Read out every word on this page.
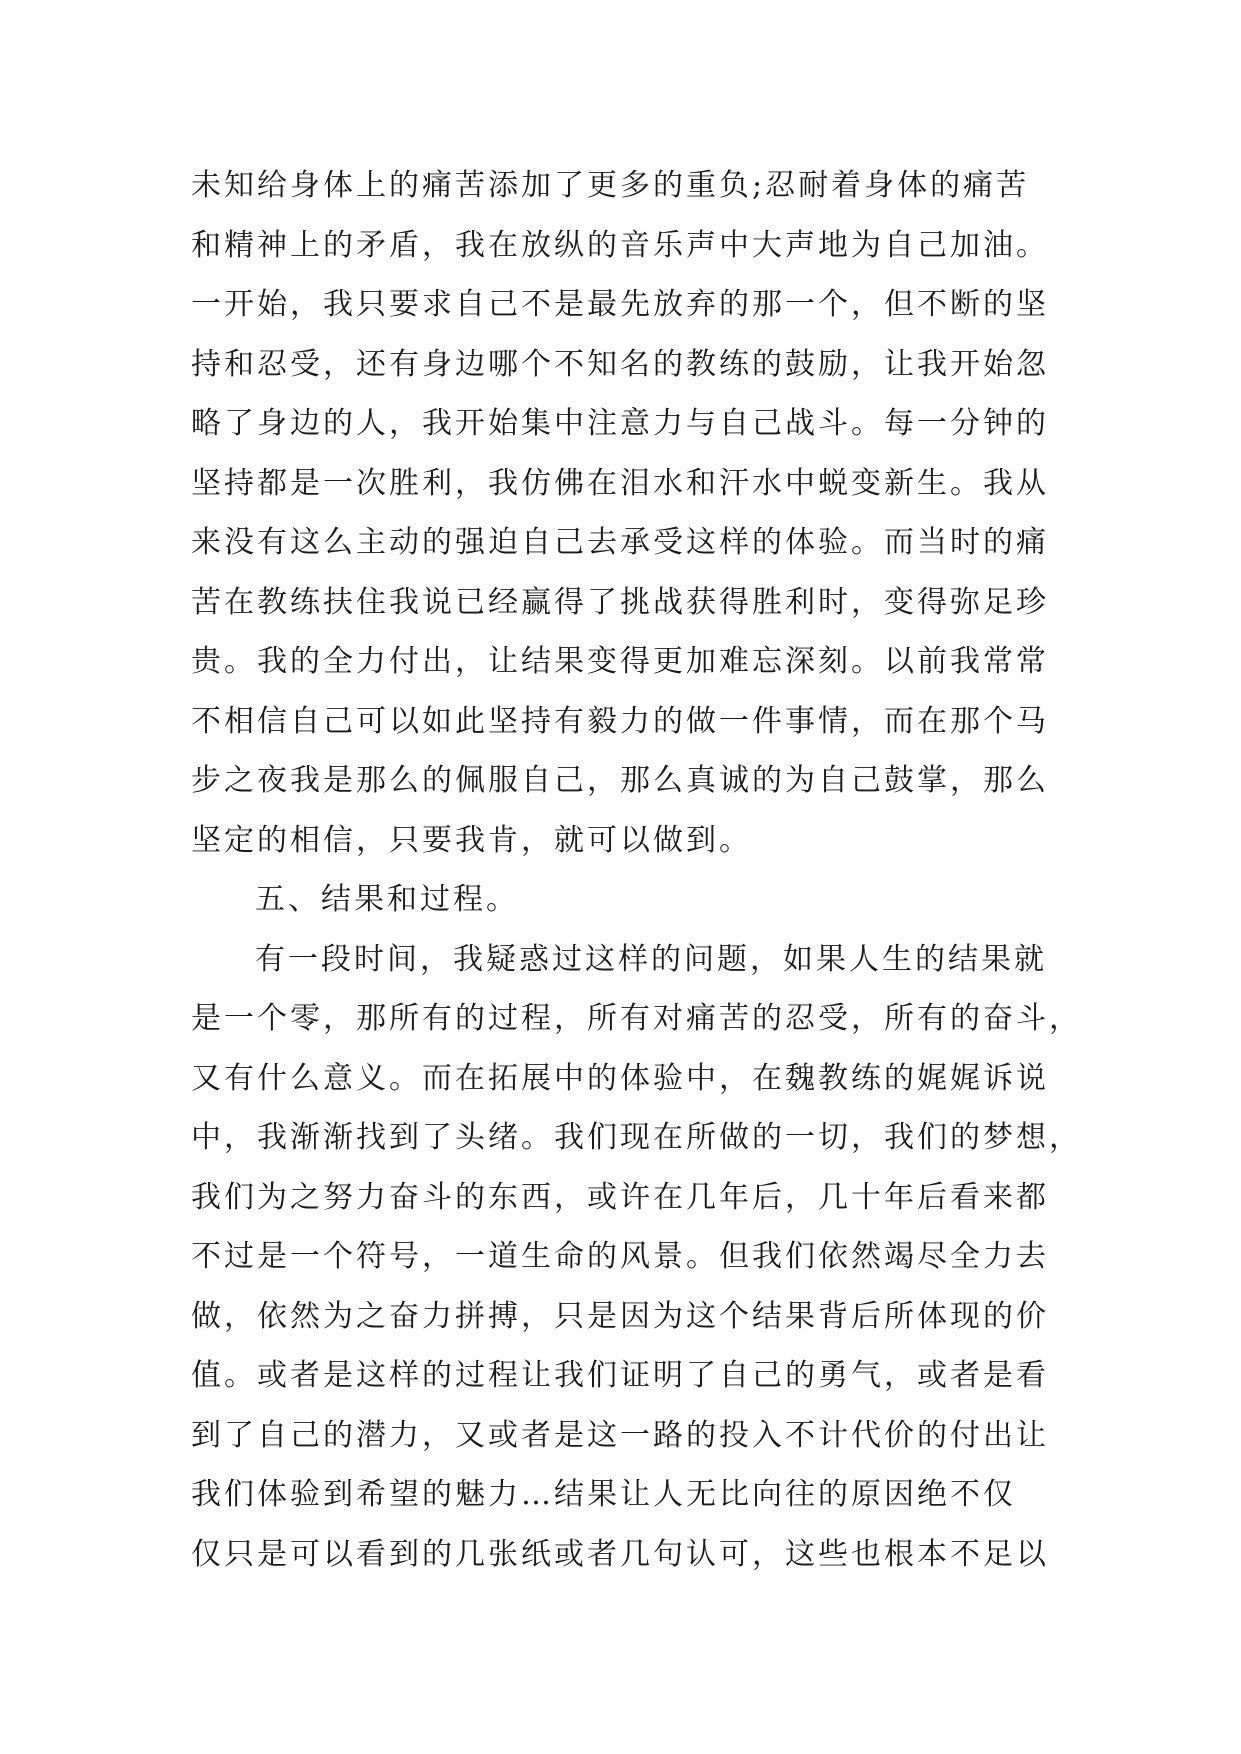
未知给身体上的痛苦添加了更多的重负;忍耐着身体的痛苦
和精神上的矛盾，我在放纵的音乐声中大声地为自己加油。
一开始，我只要求自己不是最先放弃的那一个，但不断的坚
持和忍受，还有身边哪个不知名的教练的鼓励，让我开始忽
略了身边的人，我开始集中注意力与自己战斗。每一分钟的
坚持都是一次胜利，我仿佛在泪水和汗水中蜕变新生。我从
来没有这么主动的强迫自己去承受这样的体验。而当时的痛
苦在教练扶住我说已经赢得了挑战获得胜利时，变得弥足珍
贵。我的全力付出，让结果变得更加难忘深刻。以前我常常
不相信自己可以如此坚持有毅力的做一件事情，而在那个马
步之夜我是那么的佩服自己，那么真诚的为自己鼓掌，那么
坚定的相信，只要我肯，就可以做到。
五、结果和过程。
有一段时间，我疑惑过这样的问题，如果人生的结果就
是一个零，那所有的过程，所有对痛苦的忍受，所有的奋斗，
又有什么意义。而在拓展中的体验中，在魏教练的娓娓诉说
中，我渐渐找到了头绪。我们现在所做的一切，我们的梦想，
我们为之努力奋斗的东西，或许在几年后，几十年后看来都
不过是一个符号，一道生命的风景。但我们依然竭尽全力去
做，依然为之奋力拼搏，只是因为这个结果背后所体现的价
值。或者是这样的过程让我们证明了自己的勇气，或者是看
到了自己的潜力，又或者是这一路的投入不计代价的付出让
我们体验到希望的魅力…结果让人无比向往的原因绝不仅
仅只是可以看到的几张纸或者几句认可，这些也根本不足以
